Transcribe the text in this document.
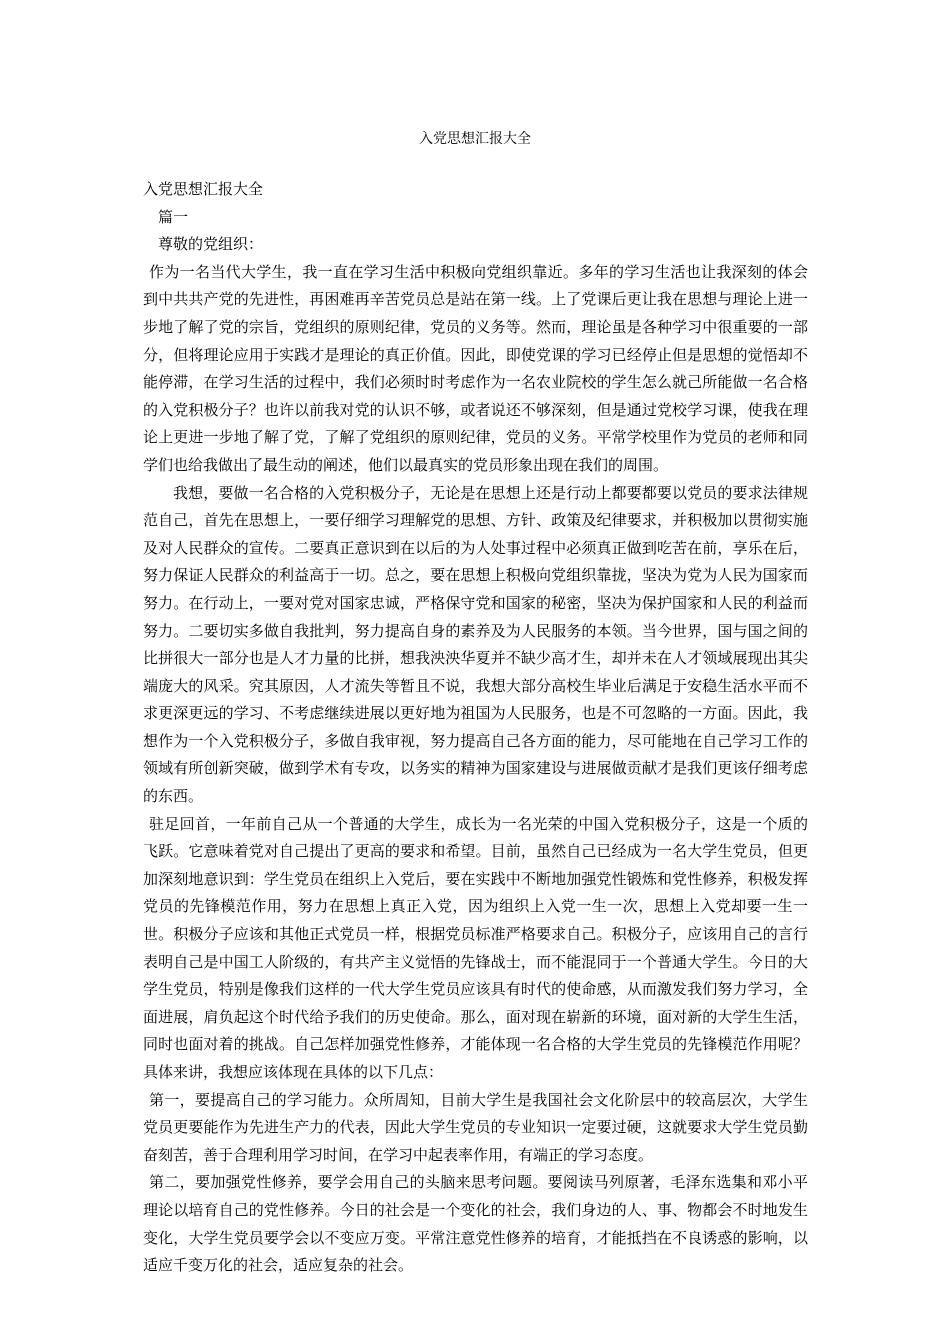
入党思想汇报大全

入党思想汇报大全

篇一

尊敬的党组织：

作为一名当代大学生，我一直在学习生活中积极向党组织靠近。多年的学习生活也让我深刻的体会到中共共产党的先进性，再困难再辛苦党员总是站在第一线。上了党课后更让我在思想与理论上进一步地了解了党的宗旨，党组织的原则纪律，党员的义务等。然而，理论虽是各种学习中很重要的一部分，但将理论应用于实践才是理论的真正价值。因此，即使党课的学习已经停止但是思想的觉悟却不能停滞，在学习生活的过程中，我们必须时时考虑作为一名农业院校的学生怎么就己所能做一名合格的入党积极分子？也许以前我对党的认识不够，或者说还不够深刻，但是通过党校学习课，使我在理论上更进一步地了解了党，了解了党组织的原则纪律，党员的义务。平常学校里作为党员的老师和同学们也给我做出了最生动的阐述，他们以最真实的党员形象出现在我们的周围。

我想，要做一名合格的入党积极分子，无论是在思想上还是行动上都要都要以党员的要求法律规范自己，首先在思想上，一要仔细学习理解党的思想、方针、政策及纪律要求，并积极加以贯彻实施及对人民群众的宣传。二要真正意识到在以后的为人处事过程中必须真正做到吃苦在前，享乐在后，努力保证人民群众的利益高于一切。总之，要在思想上积极向党组织靠拢，坚决为党为人民为国家而努力。在行动上，一要对党对国家忠诚，严格保守党和国家的秘密，坚决为保护国家和人民的利益而努力。二要切实多做自我批判，努力提高自身的素养及为人民服务的本领。当今世界，国与国之间的比拼很大一部分也是人才力量的比拼，想我泱泱华夏并不缺少高才生，却并未在人才领域展现出其尖端庞大的风采。究其原因，人才流失等暂且不说，我想大部分高校生毕业后满足于安稳生活水平而不求更深更远的学习、不考虑继续进展以更好地为祖国为人民服务，也是不可忽略的一方面。因此，我想作为一个入党积极分子，多做自我审视，努力提高自己各方面的能力，尽可能地在自己学习工作的领域有所创新突破，做到学术有专攻，以务实的精神为国家建设与进展做贡献才是我们更该仔细考虑的东西。

驻足回首，一年前自己从一个普通的大学生，成长为一名光荣的中国入党积极分子，这是一个质的飞跃。它意味着党对自己提出了更高的要求和希望。目前，虽然自己已经成为一名大学生党员，但更加深刻地意识到：学生党员在组织上入党后，要在实践中不断地加强党性锻炼和党性修养，积极发挥党员的先锋模范作用，努力在思想上真正入党，因为组织上入党一生一次，思想上入党却要一生一世。积极分子应该和其他正式党员一样，根据党员标准严格要求自己。积极分子，应该用自己的言行表明自己是中国工人阶级的，有共产主义觉悟的先锋战士，而不能混同于一个普通大学生。今日的大学生党员，特别是像我们这样的一代大学生党员应该具有时代的使命感，从而激发我们努力学习，全面进展，肩负起这个时代给予我们的历史使命。那么，面对现在崭新的环境，面对新的大学生生活，同时也面对着的挑战。自己怎样加强党性修养，才能体现一名合格的大学生党员的先锋模范作用呢？具体来讲，我想应该体现在具体的以下几点：

第一，要提高自己的学习能力。众所周知，目前大学生是我国社会文化阶层中的较高层次，大学生党员更要能作为先进生产力的代表，因此大学生党员的专业知识一定要过硬，这就要求大学生党员勤奋刻苦，善于合理利用学习时间，在学习中起表率作用，有端正的学习态度。

第二，要加强党性修养，要学会用自己的头脑来思考问题。要阅读马列原著，毛泽东选集和邓小平理论以培育自己的党性修养。今日的社会是一个变化的社会，我们身边的人、事、物都会不时地发生变化，大学生党员要学会以不变应万变。平常注意党性修养的培育，才能抵挡在不良诱惑的影响，以适应千变万化的社会，适应复杂的社会。
